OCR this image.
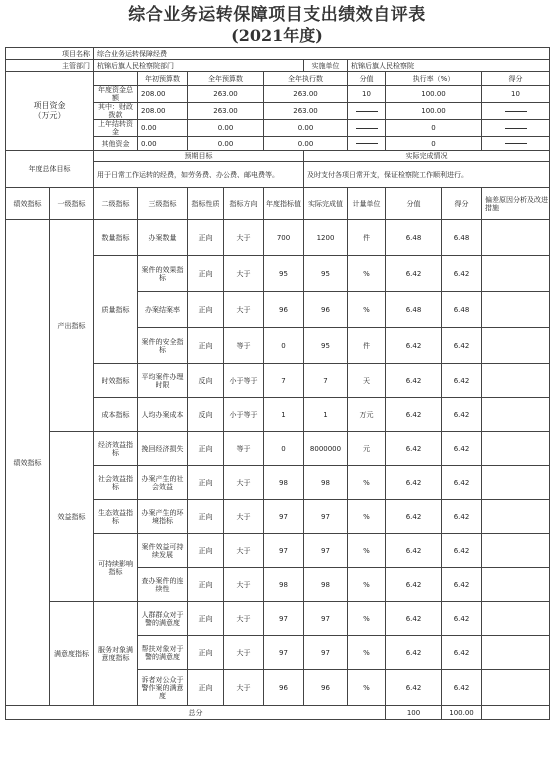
综合业务运转保障项目支出绩效自评表
(2021年度)
项目名称		综合业务运转保障经费									
主管部门		杭锦后旗人民检察院部门					实施单位	杭锦后旗人民检察院			
项目资金
（万元）			年初预算数	全年预算数		全年执行数		分值	执行率（%）		得分
		年度资金总额	208.00	263.00		263.00		10	100.00		10
		其中：财政拨款	208.00	263.00		263.00			100.00		
		上年结转资金	0.00	0.00		0.00			0		
		其他资金	0.00	0.00		0.00			0		
年度总体目标		预期目标					实际完成情况				
		用于日常工作运转的经费，如劳务费、办公费、邮电费等。					及时支付各项日常开支，保证检察院工作顺利进行。				
绩效指标	一级指标	二级指标	三级指标	指标性质	指标方向	年度指标值	实际完成值	计量单位	分值	得分	偏差原因分析及改进措施
绩效指标	产出指标	数量指标	办案数量	正向	大于	700	1200	件	6.48	6.48	
		质量指标	案件的效果指标	正向	大于	95	95	%	6.42	6.42	
			办案结案率	正向	大于	96	96	%	6.48	6.48	
			案件的安全指标	正向	等于	0	95	件	6.42	6.42	
		时效指标	平均案件办理时限	反向	小于等于	7	7	天	6.42	6.42	
		成本指标	人均办案成本	反向	小于等于	1	1	万元	6.42	6.42	
	效益指标	经济效益指标	挽回经济损失	正向	等于	0	8000000	元	6.42	6.42	
		社会效益指标	办案产生的社会效益	正向	大于	98	98	%	6.42	6.42	
		生态效益指标	办案产生的环境指标	正向	大于	97	97	%	6.42	6.42	
		可持续影响指标	案件效益可持续发展	正向	大于	97	97	%	6.42	6.42	
			查办案件的连续性	正向	大于	98	98	%	6.42	6.42	
	满意度指标	服务对象满意度指标	人群群众对于警的满意度	正向	大于	97	97	%	6.42	6.42	
			帮扶对象对于警的满意度	正向	大于	97	97	%	6.42	6.42	
			诉者对公众于警作案的满意度	正向	大于	96	96	%	6.42	6.42	
总分									100	100.00	
